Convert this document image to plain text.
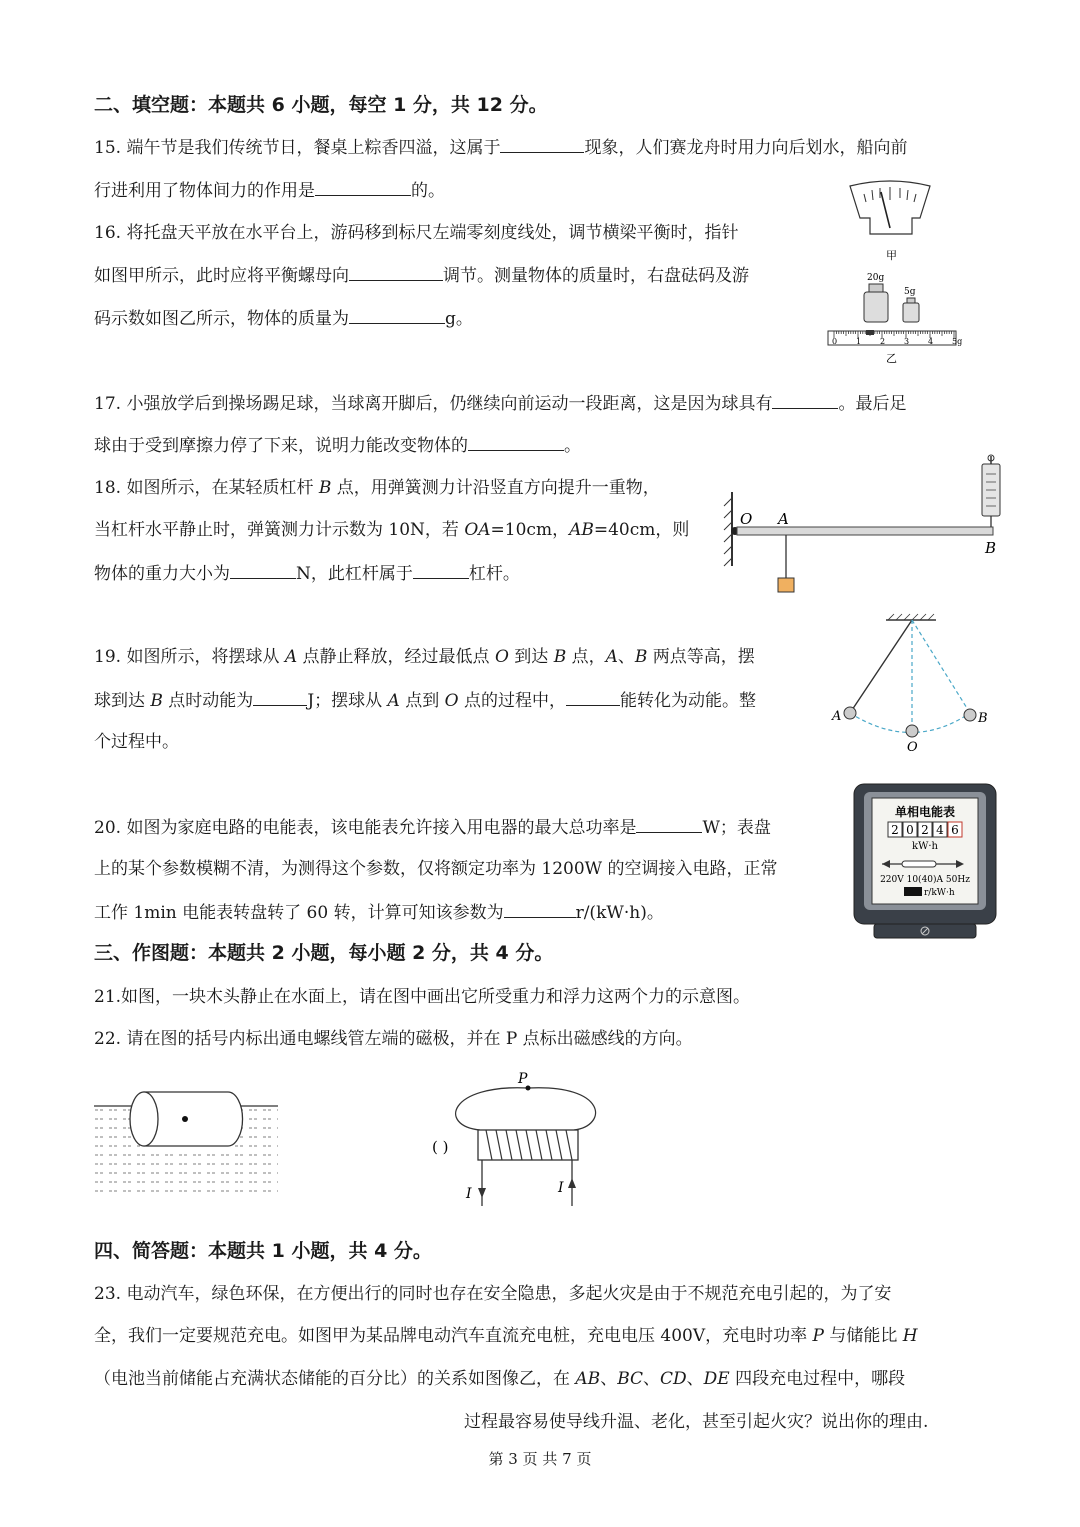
二、填空题：本题共 6 小题，每空 1 分，共 12 分。
15. 端午节是我们传统节日，餐桌上粽香四溢，这属于	现象，人们赛龙舟时用力向后划水，船向前
行进利用了物体间力的作用是	的。
16. 将托盘天平放在水平台上，游码移到标尺左端零刻度线处，调节横梁平衡时，指针
如图甲所示，此时应将平衡螺母向	调节。测量物体的质量时，右盘砝码及游
码示数如图乙所示，物体的质量为	g。
甲
20g
5g
0 1 2 3 4 5g
乙
17. 小强放学后到操场踢足球，当球离开脚后，仍继续向前运动一段距离，这是因为球具有	。最后足
球由于受到摩擦力停了下来，说明力能改变物体的	。
18. 如图所示，在某轻质杠杆 B 点，用弹簧测力计沿竖直方向提升一重物，
当杠杆水平静止时，弹簧测力计示数为 10N，若 OA=10cm，AB=40cm，则
物体的重力大小为	N，此杠杆属于	杠杆。
O A
B
19. 如图所示，将摆球从 A 点静止释放，经过最低点 O 到达 B 点，A、B 两点等高，摆
球到达 B 点时动能为	J；摆球从 A 点到 O 点的过程中，	能转化为动能。整
个过程中。
A
O
B
20. 如图为家庭电路的电能表，该电能表允许接入用电器的最大总功率是	W；表盘
上的某个参数模糊不清，为测得这个参数，仅将额定功率为 1200W 的空调接入电路，正常
工作 1min 电能表转盘转了 60 转，计算可知该参数为	r/(kW·h)。
单相电能表
2 0 2 4 6
kW·h
220V 10(40)A 50Hz
r/kW·h
三、作图题：本题共 2 小题，每小题 2 分，共 4 分。
21.如图，一块木头静止在水面上，请在图中画出它所受重力和浮力这两个力的示意图。
22. 请在图的括号内标出通电螺线管左端的磁极，并在 P 点标出磁感线的方向。
P
( )
I	I
四、简答题：本题共 1 小题，共 4 分。
23. 电动汽车，绿色环保，在方便出行的同时也存在安全隐患，多起火灾是由于不规范充电引起的，为了安
全，我们一定要规范充电。如图甲为某品牌电动汽车直流充电桩，充电电压 400V，充电时功率 P 与储能比 H
（电池当前储能占充满状态储能的百分比）的关系如图像乙，在 AB、BC、CD、DE 四段充电过程中，哪段
过程最容易使导线升温、老化，甚至引起火灾？说出你的理由.
第 3 页 共 7 页
